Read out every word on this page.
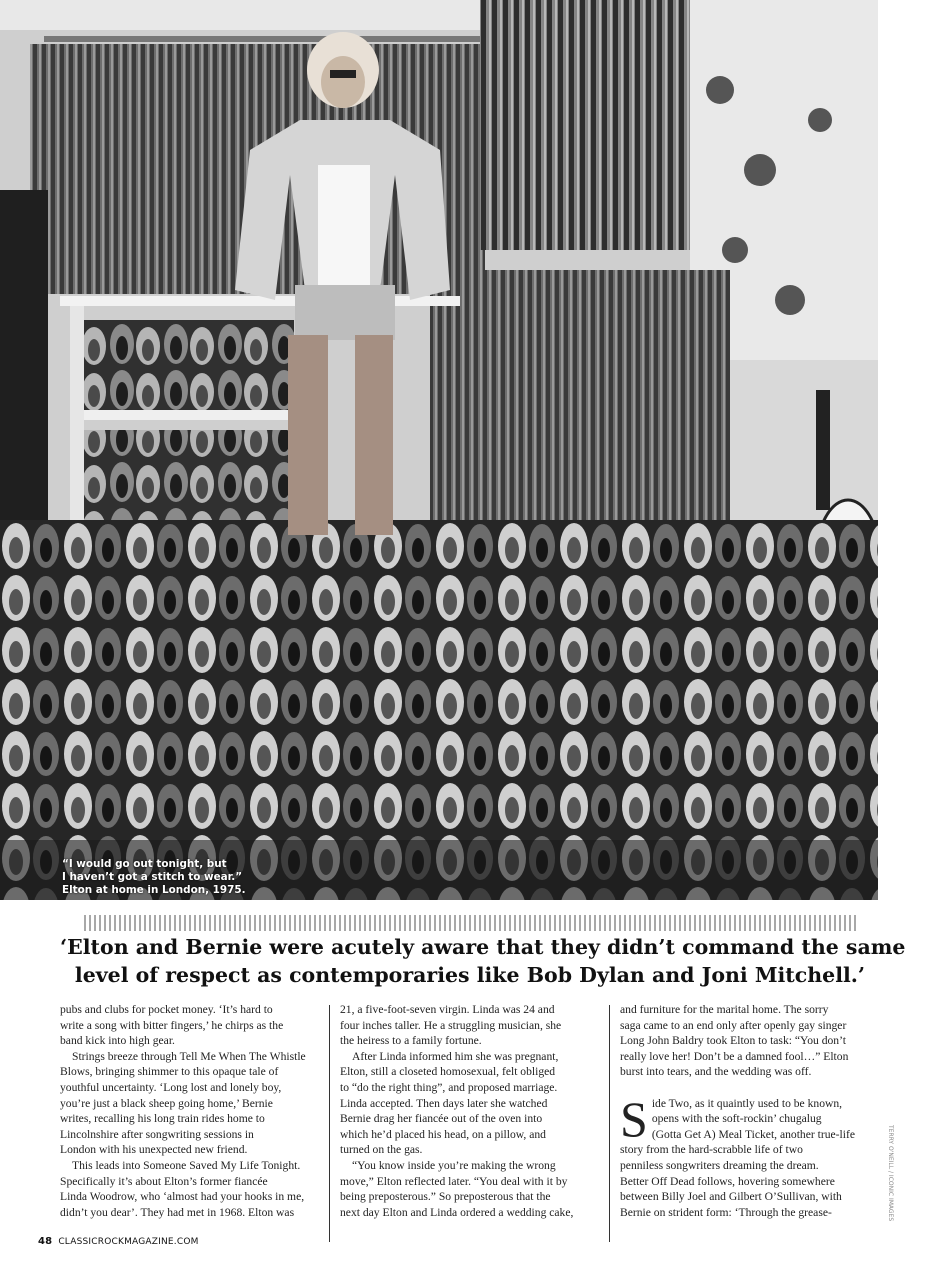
“I would go out tonight, but
I haven’t got a stitch to wear.”
Elton at home in London, 1975.
‘Elton and Bernie were acutely aware that they didn’t command the same
level of respect as contemporaries like Bob Dylan and Joni Mitchell.’
pubs and clubs for pocket money. ‘It’s hard to
write a song with bitter fingers,’ he chirps as the
band kick into high gear.
Strings breeze through Tell Me When The Whistle
Blows, bringing shimmer to this opaque tale of
youthful uncertainty. ‘Long lost and lonely boy,
you’re just a black sheep going home,’ Bernie
writes, recalling his long train rides home to
Lincolnshire after songwriting sessions in
London with his unexpected new friend.
This leads into Someone Saved My Life Tonight.
Specifically it’s about Elton’s former fiancée
Linda Woodrow, who ‘almost had your hooks in me,
didn’t you dear’. They had met in 1968. Elton was
21, a five-foot-seven virgin. Linda was 24 and
four inches taller. He a struggling musician, she
the heiress to a family fortune.
After Linda informed him she was pregnant,
Elton, still a closeted homosexual, felt obliged
to “do the right thing”, and proposed marriage.
Linda accepted. Then days later she watched
Bernie drag her fiancée out of the oven into
which he’d placed his head, on a pillow, and
turned on the gas.
“You know inside you’re making the wrong
move,” Elton reflected later. “You deal with it by
being preposterous.” So preposterous that the
next day Elton and Linda ordered a wedding cake,
and furniture for the marital home. The sorry
saga came to an end only after openly gay singer
Long John Baldry took Elton to task: “You don’t
really love her! Don’t be a damned fool…” Elton
burst into tears, and the wedding was off.
S ide Two, as it quaintly used to be known,
opens with the soft-rockin’ chugalug
(Gotta Get A) Meal Ticket, another true-life
story from the hard-scrabble life of two
penniless songwriters dreaming the dream.
Better Off Dead follows, hovering somewhere
between Billy Joel and Gilbert O’Sullivan, with
Bernie on strident form: ‘Through the grease-	TERRY O'NEILL / ICONIC IMAGES
48 CLASSICROCKMAGAZINE.COM
